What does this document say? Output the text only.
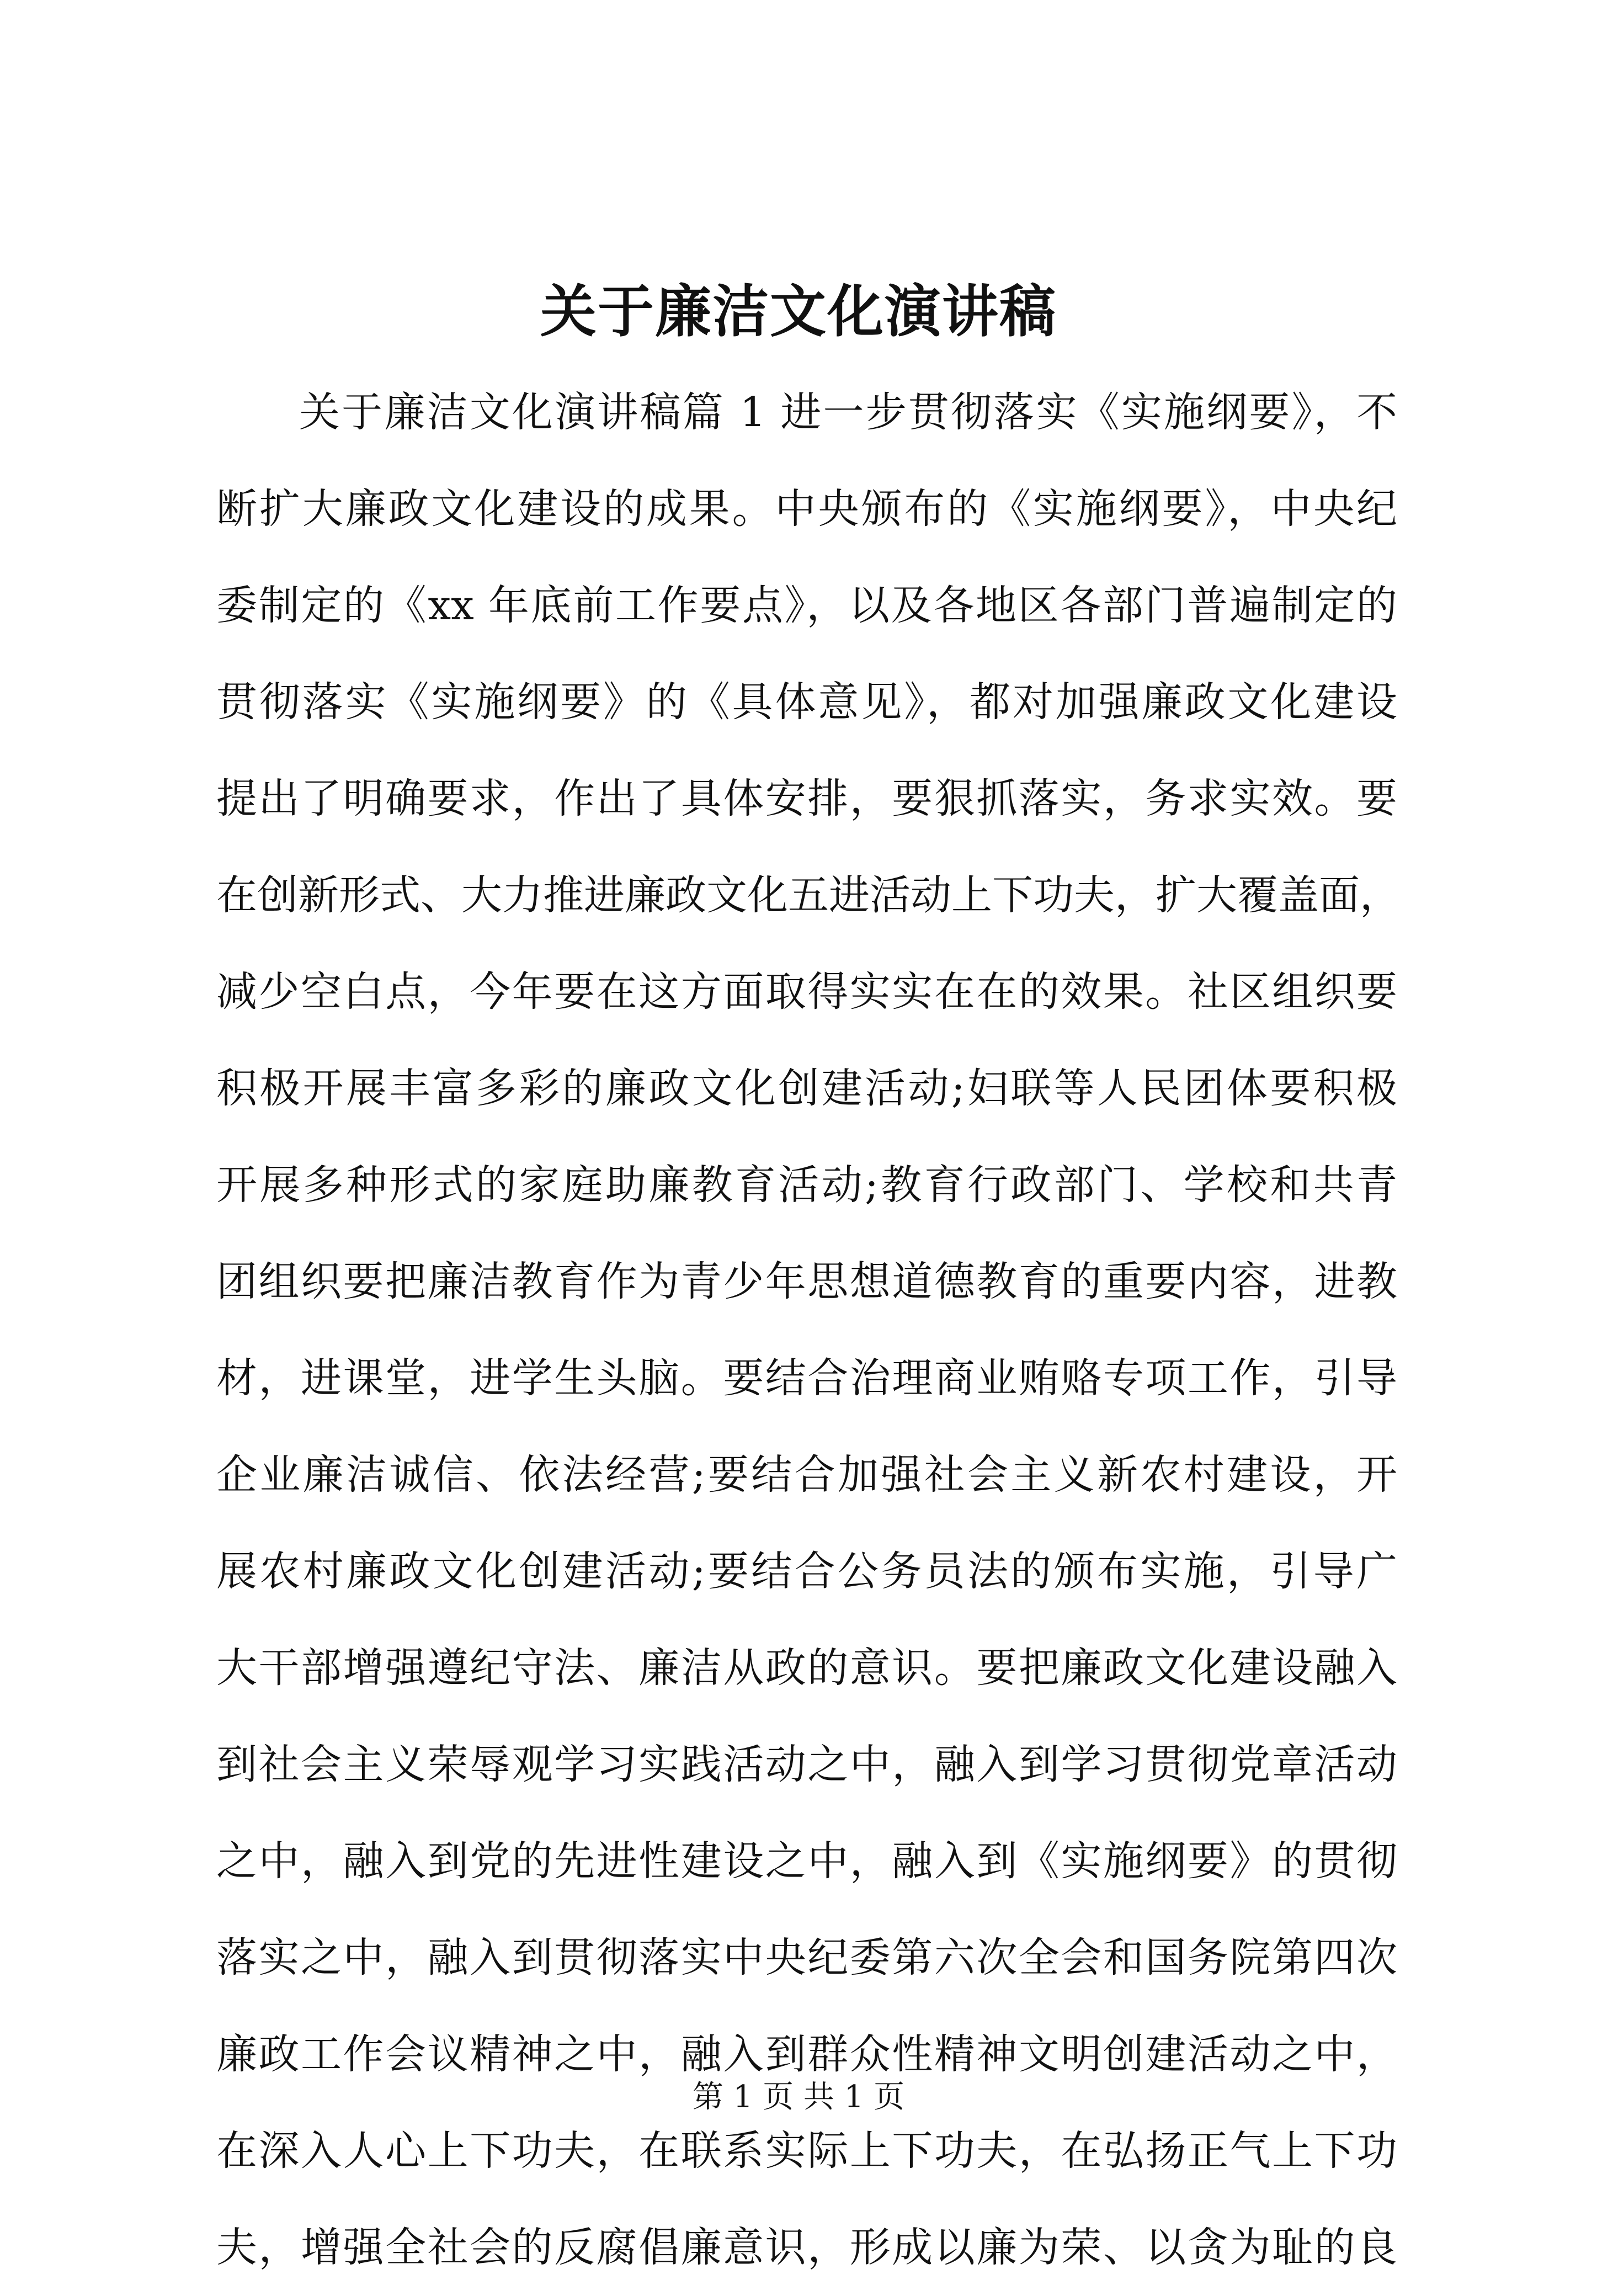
关于廉洁文化演讲稿
关于廉洁文化演讲稿篇 1 进一步贯彻落实《实施纲要》，不
断扩大廉政文化建设的成果。中央颁布的《实施纲要》，中央纪
委制定的《xx 年底前工作要点》，以及各地区各部门普遍制定的
贯彻落实《实施纲要》的《具体意见》，都对加强廉政文化建设
提出了明确要求，作出了具体安排，要狠抓落实，务求实效。要
在创新形式、大力推进廉政文化五进活动上下功夫，扩大覆盖面，
减少空白点，今年要在这方面取得实实在在的效果。社区组织要
积极开展丰富多彩的廉政文化创建活动;妇联等人民团体要积极
开展多种形式的家庭助廉教育活动;教育行政部门、学校和共青
团组织要把廉洁教育作为青少年思想道德教育的重要内容，进教
材，进课堂，进学生头脑。要结合治理商业贿赂专项工作，引导
企业廉洁诚信、依法经营;要结合加强社会主义新农村建设，开
展农村廉政文化创建活动;要结合公务员法的颁布实施，引导广
大干部增强遵纪守法、廉洁从政的意识。要把廉政文化建设融入
到社会主义荣辱观学习实践活动之中，融入到学习贯彻党章活动
之中，融入到党的先进性建设之中，融入到《实施纲要》的贯彻
落实之中，融入到贯彻落实中央纪委第六次全会和国务院第四次
廉政工作会议精神之中，融入到群众性精神文明创建活动之中，
在深入人心上下功夫，在联系实际上下功夫，在弘扬正气上下功
夫，增强全社会的反腐倡廉意识，形成以廉为荣、以贪为耻的良
第 1 页 共 1 页
